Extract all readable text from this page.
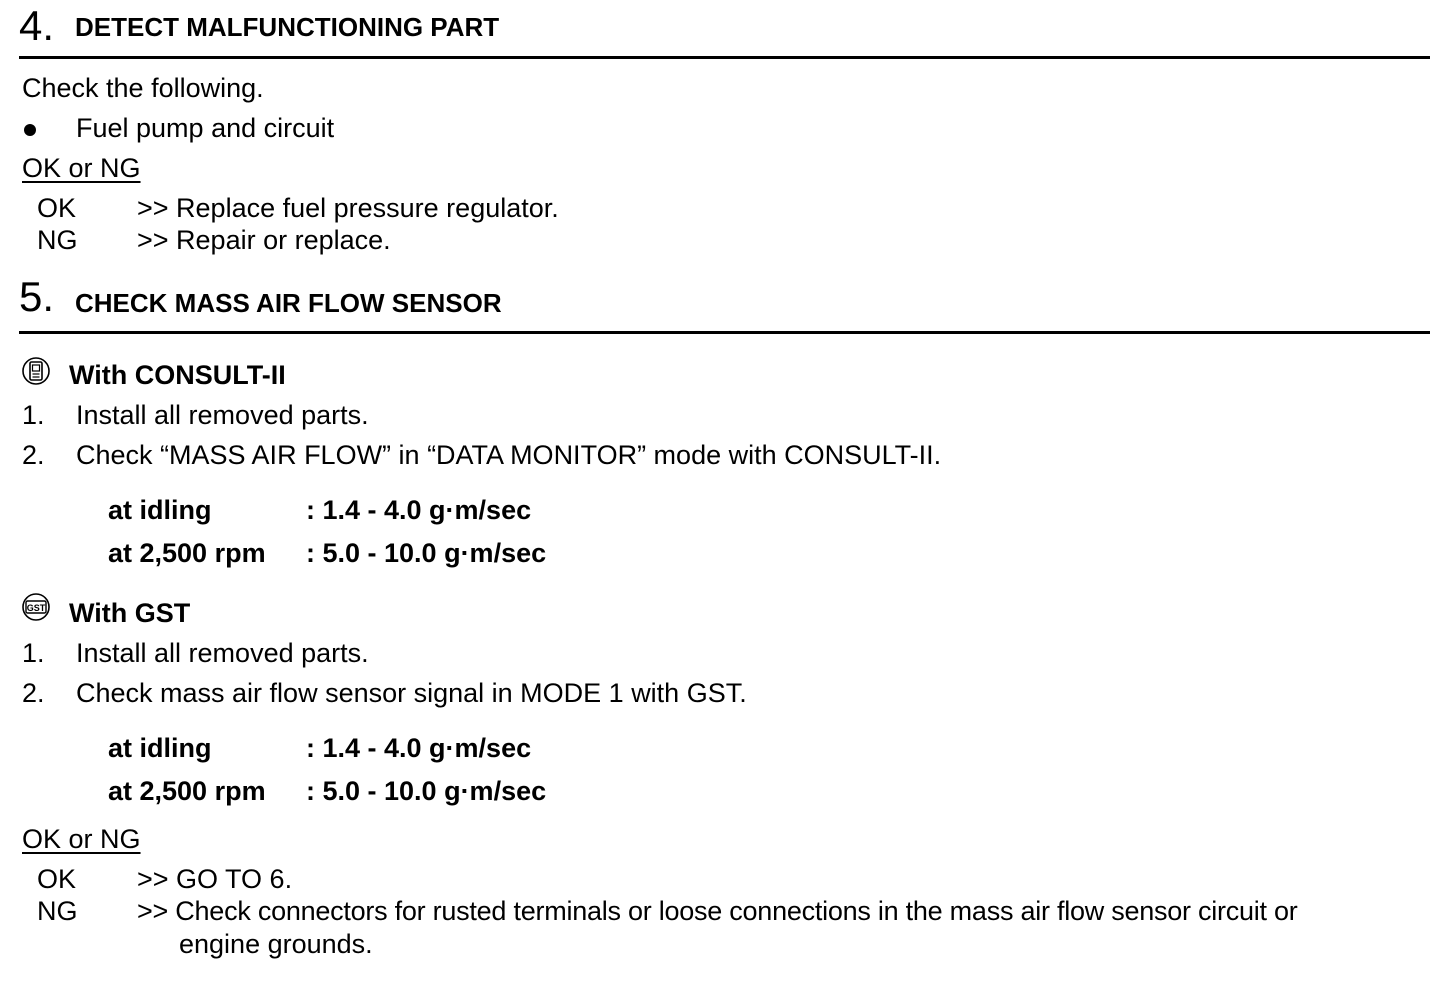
4. DETECT MALFUNCTIONING PART
Check the following.
Fuel pump and circuit
OK or NG
OK >> Replace fuel pressure regulator.
NG >> Repair or replace.
5. CHECK MASS AIR FLOW SENSOR
With CONSULT-II
1. Install all removed parts.
2. Check “MASS AIR FLOW” in “DATA MONITOR” mode with CONSULT-II.
at idling	: 1.4 - 4.0 g·m/sec
at 2,500 rpm : 5.0 - 10.0 g·m/sec
GST With GST
1. Install all removed parts.
2. Check mass air flow sensor signal in MODE 1 with GST.
at idling	: 1.4 - 4.0 g·m/sec
at 2,500 rpm : 5.0 - 10.0 g·m/sec
OK or NG
OK >> GO TO 6.
NG >> Check connectors for rusted terminals or loose connections in the mass air flow sensor circuit or
engine grounds.
